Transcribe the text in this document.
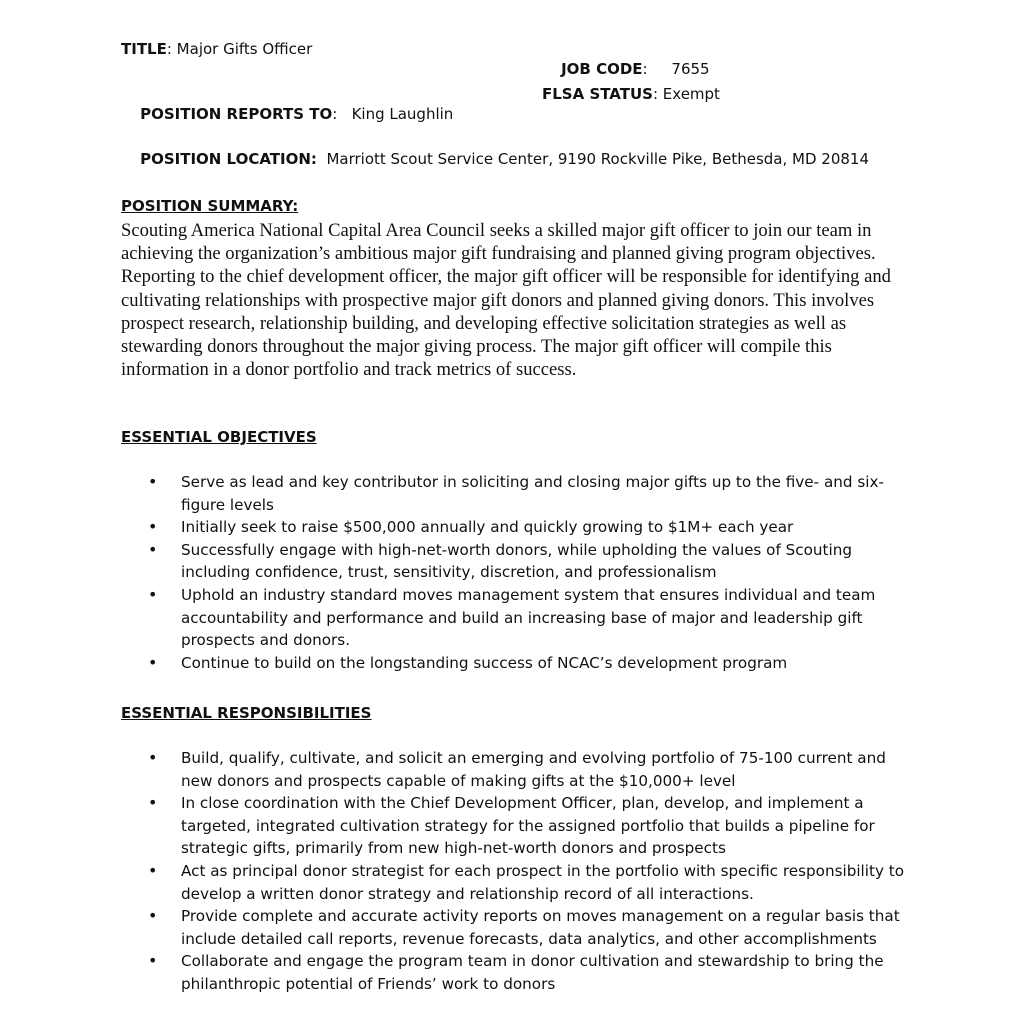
TITLE: Major Gifts Officer

JOB CODE:     7655

POSITION REPORTS TO:   King Laughlin

FLSA STATUS: Exempt

POSITION LOCATION:  Marriott Scout Service Center, 9190 Rockville Pike, Bethesda, MD 20814

POSITION SUMMARY:

Scouting America National Capital Area Council seeks a skilled major gift officer to join our team in achieving the organization’s ambitious major gift fundraising and planned giving program objectives. Reporting to the chief development officer, the major gift officer will be responsible for identifying and cultivating relationships with prospective major gift donors and planned giving donors. This involves prospect research, relationship building, and developing effective solicitation strategies as well as stewarding donors throughout the major giving process. The major gift officer will compile this information in a donor portfolio and track metrics of success.

ESSENTIAL OBJECTIVES
• Serve as lead and key contributor in soliciting and closing major gifts up to the five- and six-figure levels
• Initially seek to raise $500,000 annually and quickly growing to $1M+ each year
• Successfully engage with high-net-worth donors, while upholding the values of Scouting including confidence, trust, sensitivity, discretion, and professionalism
• Uphold an industry standard moves management system that ensures individual and team accountability and performance and build an increasing base of major and leadership gift prospects and donors.
• Continue to build on the longstanding success of NCAC’s development program
ESSENTIAL RESPONSIBILITIES
• Build, qualify, cultivate, and solicit an emerging and evolving portfolio of 75-100 current and new donors and prospects capable of making gifts at the $10,000+ level
• In close coordination with the Chief Development Officer, plan, develop, and implement a targeted, integrated cultivation strategy for the assigned portfolio that builds a pipeline for strategic gifts, primarily from new high-net-worth donors and prospects
• Act as principal donor strategist for each prospect in the portfolio with specific responsibility to develop a written donor strategy and relationship record of all interactions.
• Provide complete and accurate activity reports on moves management on a regular basis that include detailed call reports, revenue forecasts, data analytics, and other accomplishments
• Collaborate and engage the program team in donor cultivation and stewardship to bring the philanthropic potential of Friends’ work to donors
